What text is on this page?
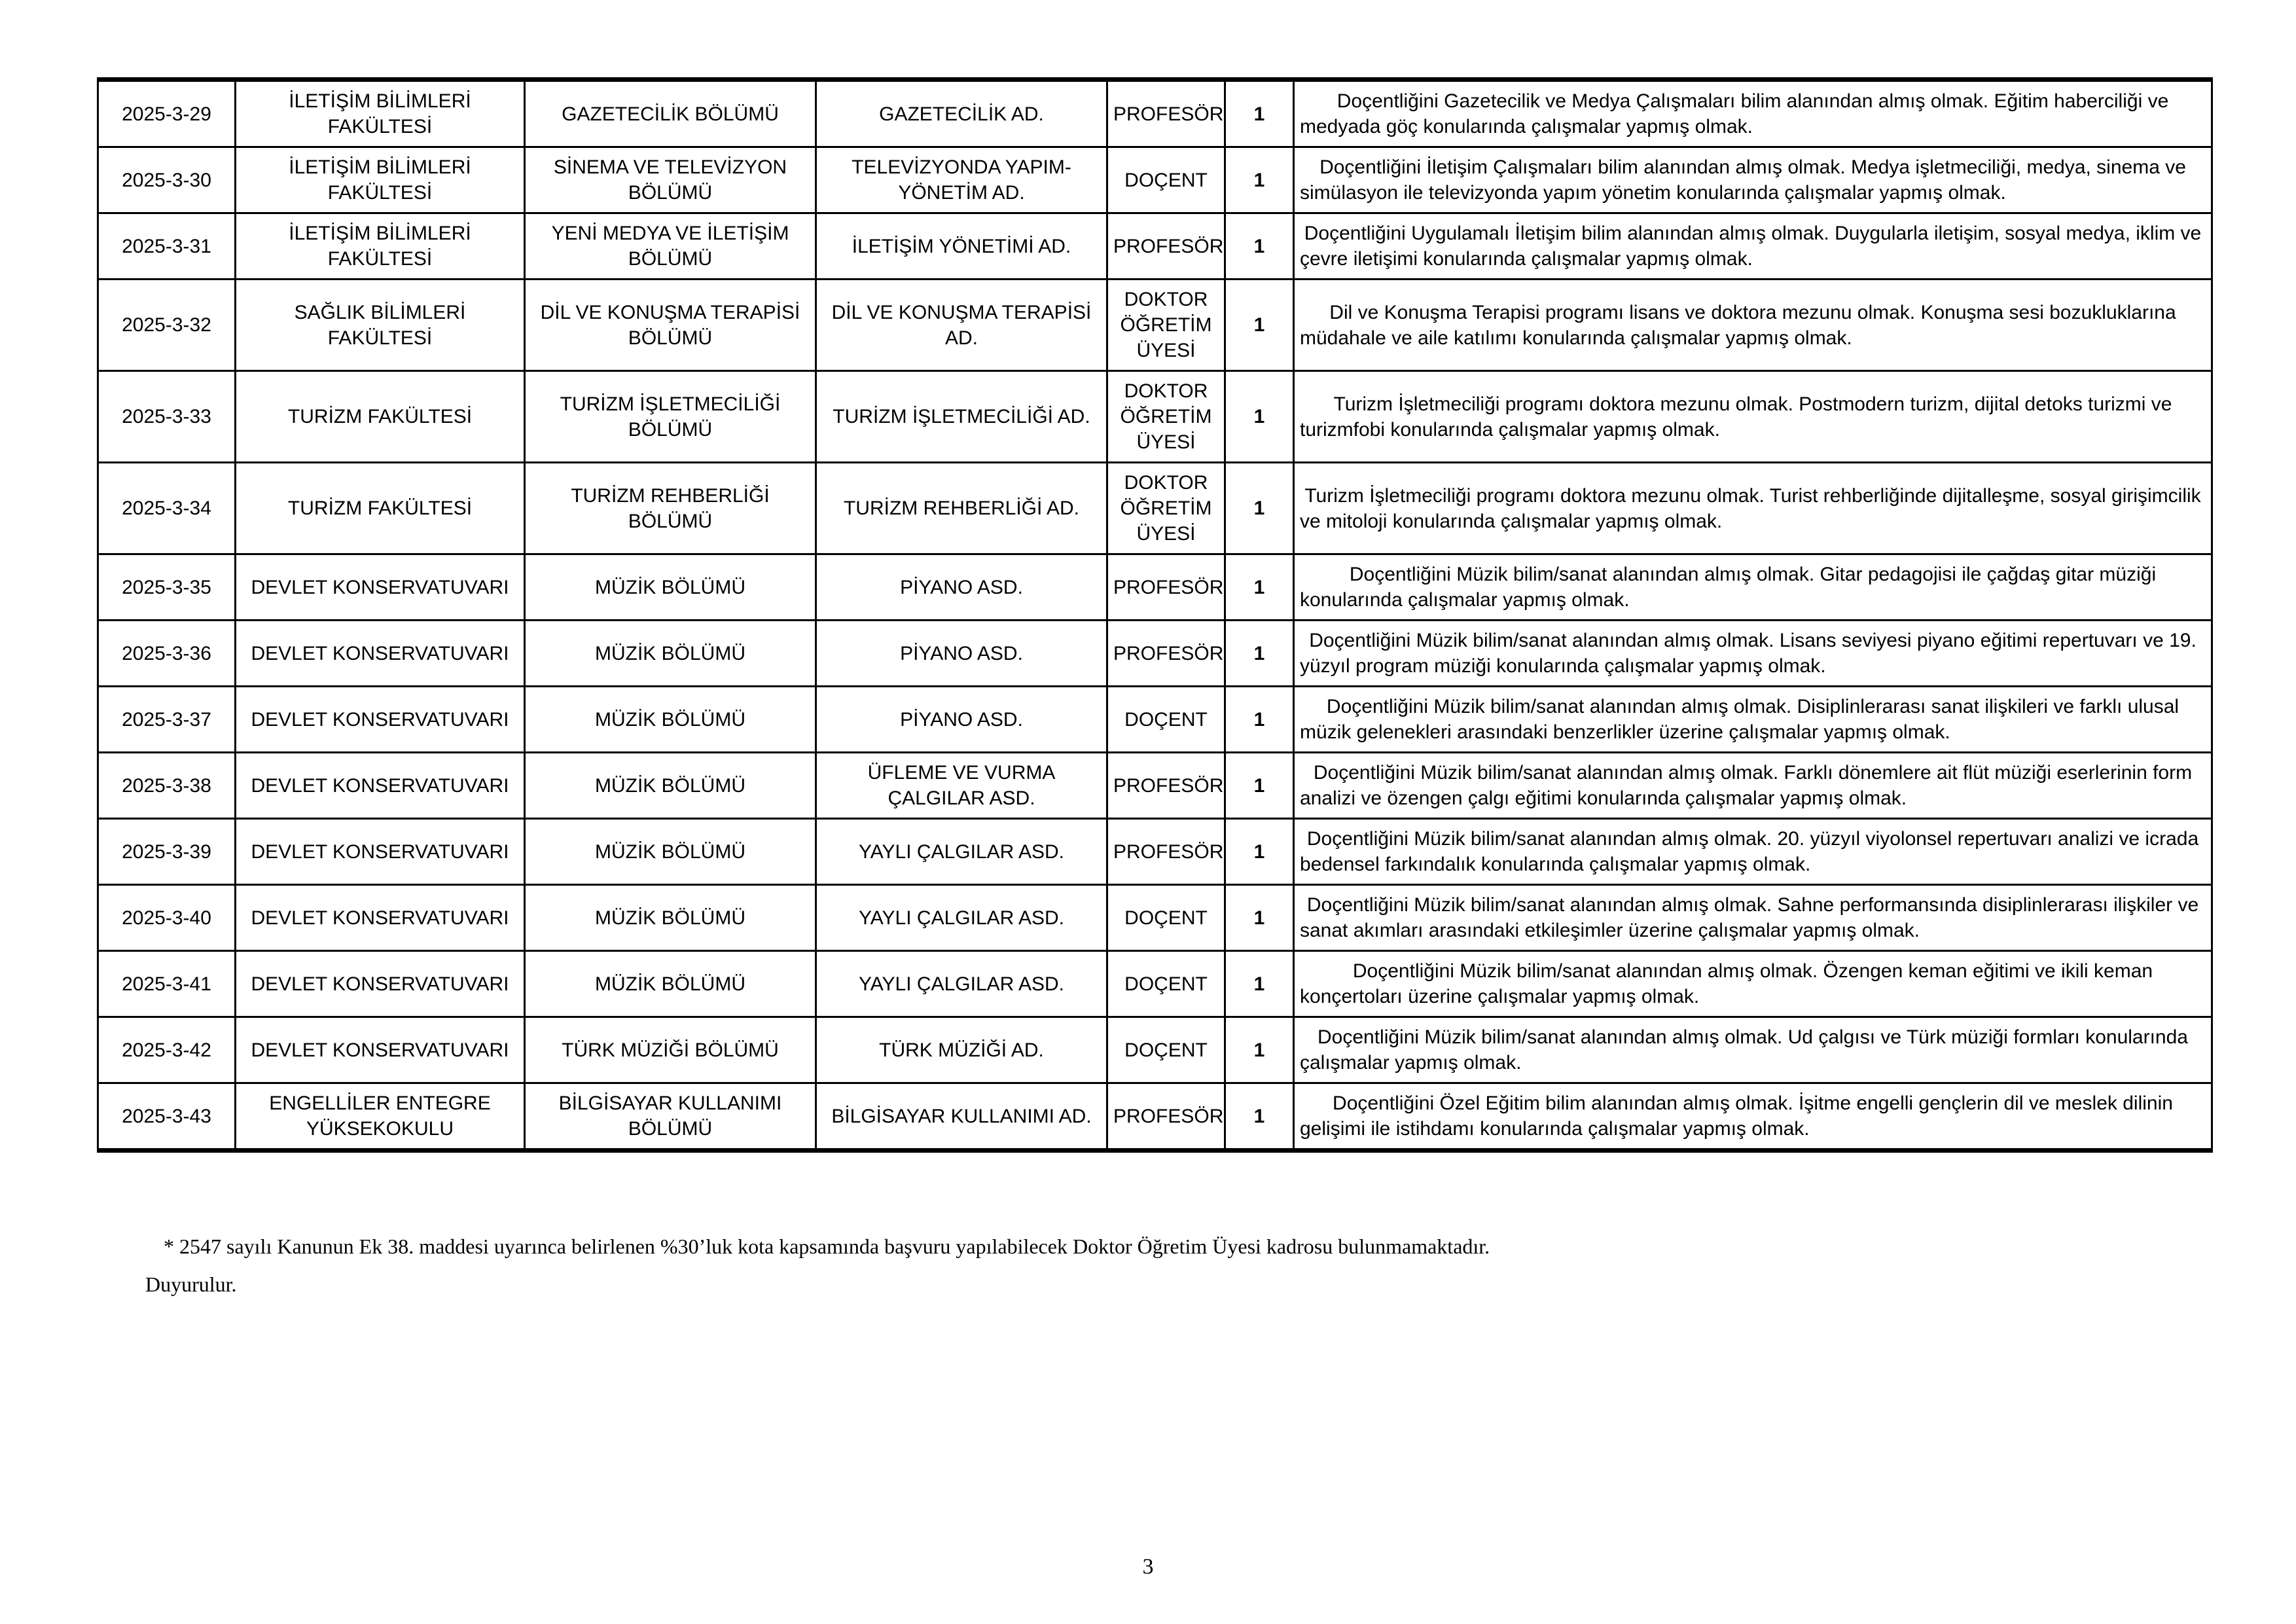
2025-3-29	İLETİŞİM BİLİMLERİ FAKÜLTESİ	GAZETECİLİK BÖLÜMÜ	GAZETECİLİK AD.	PROFESÖR	1	Doçentliğini Gazetecilik ve Medya Çalışmaları bilim alanından almış olmak. Eğitim haberciliği ve medyada göç konularında çalışmalar yapmış olmak.
2025-3-30	İLETİŞİM BİLİMLERİ FAKÜLTESİ	SİNEMA VE TELEVİZYON BÖLÜMÜ	TELEVİZYONDA YAPIM-YÖNETİM AD.	DOÇENT	1	Doçentliğini İletişim Çalışmaları bilim alanından almış olmak. Medya işletmeciliği, medya, sinema ve simülasyon ile televizyonda yapım yönetim konularında çalışmalar yapmış olmak.
2025-3-31	İLETİŞİM BİLİMLERİ FAKÜLTESİ	YENİ MEDYA VE İLETİŞİM BÖLÜMÜ	İLETİŞİM YÖNETİMİ AD.	PROFESÖR	1	Doçentliğini Uygulamalı İletişim bilim alanından almış olmak. Duygularla iletişim, sosyal medya, iklim ve çevre iletişimi konularında çalışmalar yapmış olmak.
2025-3-32	SAĞLIK BİLİMLERİ FAKÜLTESİ	DİL VE KONUŞMA TERAPİSİ BÖLÜMÜ	DİL VE KONUŞMA TERAPİSİ AD.	DOKTOR ÖĞRETİM ÜYESİ	1	Dil ve Konuşma Terapisi programı lisans ve doktora mezunu olmak. Konuşma sesi bozukluklarına müdahale ve aile katılımı konularında çalışmalar yapmış olmak.
2025-3-33	TURİZM FAKÜLTESİ	TURİZM İŞLETMECİLİĞİ BÖLÜMÜ	TURİZM İŞLETMECİLİĞİ AD.	DOKTOR ÖĞRETİM ÜYESİ	1	Turizm İşletmeciliği programı doktora mezunu olmak. Postmodern turizm, dijital detoks turizmi ve turizmfobi konularında çalışmalar yapmış olmak.
2025-3-34	TURİZM FAKÜLTESİ	TURİZM REHBERLİĞİ BÖLÜMÜ	TURİZM REHBERLİĞİ AD.	DOKTOR ÖĞRETİM ÜYESİ	1	Turizm İşletmeciliği programı doktora mezunu olmak. Turist rehberliğinde dijitalleşme, sosyal girişimcilik ve mitoloji konularında çalışmalar yapmış olmak.
2025-3-35	DEVLET KONSERVATUVARI	MÜZİK BÖLÜMÜ	PİYANO ASD.	PROFESÖR	1	Doçentliğini Müzik bilim/sanat alanından almış olmak. Gitar pedagojisi ile çağdaş gitar müziği konularında çalışmalar yapmış olmak.
2025-3-36	DEVLET KONSERVATUVARI	MÜZİK BÖLÜMÜ	PİYANO ASD.	PROFESÖR	1	Doçentliğini Müzik bilim/sanat alanından almış olmak. Lisans seviyesi piyano eğitimi repertuvarı ve 19. yüzyıl program müziği konularında çalışmalar yapmış olmak.
2025-3-37	DEVLET KONSERVATUVARI	MÜZİK BÖLÜMÜ	PİYANO ASD.	DOÇENT	1	Doçentliğini Müzik bilim/sanat alanından almış olmak. Disiplinlerarası sanat ilişkileri ve farklı ulusal müzik gelenekleri arasındaki benzerlikler üzerine çalışmalar yapmış olmak.
2025-3-38	DEVLET KONSERVATUVARI	MÜZİK BÖLÜMÜ	ÜFLEME VE VURMA ÇALGILAR ASD.	PROFESÖR	1	Doçentliğini Müzik bilim/sanat alanından almış olmak. Farklı dönemlere ait flüt müziği eserlerinin form analizi ve özengen çalgı eğitimi konularında çalışmalar yapmış olmak.
2025-3-39	DEVLET KONSERVATUVARI	MÜZİK BÖLÜMÜ	YAYLI ÇALGILAR ASD.	PROFESÖR	1	Doçentliğini Müzik bilim/sanat alanından almış olmak. 20. yüzyıl viyolonsel repertuvarı analizi ve icrada bedensel farkındalık konularında çalışmalar yapmış olmak.
2025-3-40	DEVLET KONSERVATUVARI	MÜZİK BÖLÜMÜ	YAYLI ÇALGILAR ASD.	DOÇENT	1	Doçentliğini Müzik bilim/sanat alanından almış olmak. Sahne performansında disiplinlerarası ilişkiler ve sanat akımları arasındaki etkileşimler üzerine çalışmalar yapmış olmak.
2025-3-41	DEVLET KONSERVATUVARI	MÜZİK BÖLÜMÜ	YAYLI ÇALGILAR ASD.	DOÇENT	1	Doçentliğini Müzik bilim/sanat alanından almış olmak. Özengen keman eğitimi ve ikili keman konçertoları üzerine çalışmalar yapmış olmak.
2025-3-42	DEVLET KONSERVATUVARI	TÜRK MÜZİĞİ BÖLÜMÜ	TÜRK MÜZİĞİ AD.	DOÇENT	1	Doçentliğini Müzik bilim/sanat alanından almış olmak. Ud çalgısı ve Türk müziği formları konularında çalışmalar yapmış olmak.
2025-3-43	ENGELLİLER ENTEGRE YÜKSEKOKULU	BİLGİSAYAR KULLANIMI BÖLÜMÜ	BİLGİSAYAR KULLANIMI AD.	PROFESÖR	1	Doçentliğini Özel Eğitim bilim alanından almış olmak. İşitme engelli gençlerin dil ve meslek dilinin gelişimi ile istihdamı konularında çalışmalar yapmış olmak.
* 2547 sayılı Kanunun Ek 38. maddesi uyarınca belirlenen %30’luk kota kapsamında başvuru yapılabilecek Doktor Öğretim Üyesi kadrosu bulunmamaktadır.
Duyurulur.
3
